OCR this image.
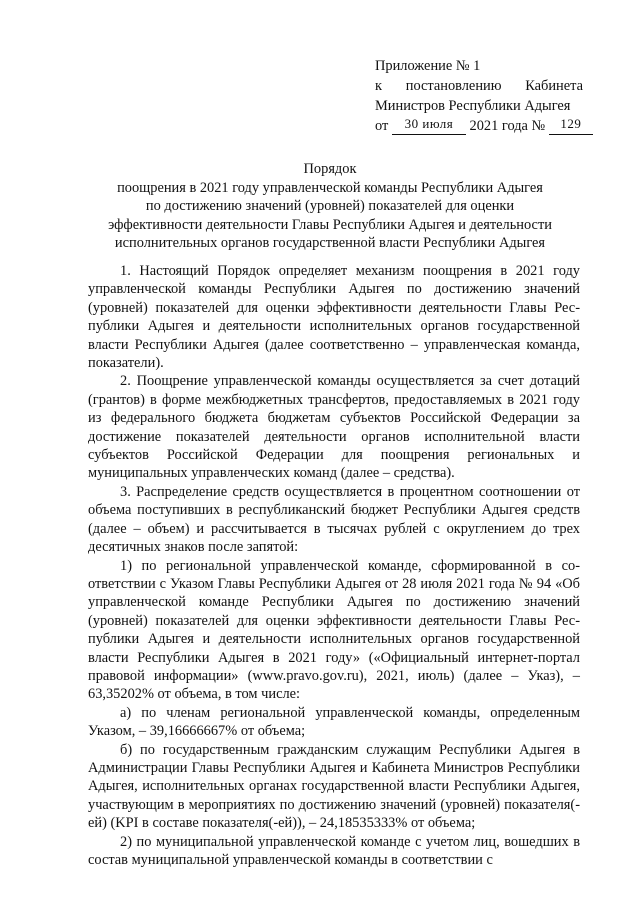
Приложение № 1
к постановлению Кабинета
Министров Республики Адыгея
от 30 июля 2021 года № 129
Порядок
поощрения в 2021 году управленческой команды Республики Адыгея
по достижению значений (уровней) показателей для оценки
эффективности деятельности Главы Республики Адыгея и деятельности
исполнительных органов государственной власти Республики Адыгея

1. Настоящий Порядок определяет механизм поощрения в 2021 году управленческой команды Республики Адыгея по достижению значений (уровней) показателей для оценки эффективности деятельности Главы Республики Адыгея и деятельности исполнительных органов государственной власти Республики Адыгея (далее соответственно – управленческая команда, показатели).

2. Поощрение управленческой команды осуществляется за счет дотаций (грантов) в форме межбюджетных трансфертов, предоставляемых в 2021 году из федерального бюджета бюджетам субъектов Российской Федерации за достижение показателей деятельности органов исполнительной власти субъектов Российской Федерации для поощрения региональных и муниципальных управленческих команд (далее – средства).

3. Распределение средств осуществляется в процентном соотношении от объема поступивших в республиканский бюджет Республики Адыгея средств (далее – объем) и рассчитывается в тысячах рублей с округлением до трех десятичных знаков после запятой:

1) по региональной управленческой команде, сформированной в соответствии с Указом Главы Республики Адыгея от 28 июля 2021 года № 94 «Об управленческой команде Республики Адыгея по достижению значений (уровней) показателей для оценки эффективности деятельности Главы Республики Адыгея и деятельности исполнительных органов государственной власти Республики Адыгея в 2021 году» («Официальный интернет-портал правовой информации» (www.pravo.gov.ru), 2021, июль) (далее – Указ), – 63,35202% от объема, в том числе:

а) по членам региональной управленческой команды, определенным Указом, – 39,16666667% от объема;

б) по государственным гражданским служащим Республики Адыгея в Администрации Главы Республики Адыгея и Кабинета Министров Республики Адыгея, исполнительных органах государственной власти Республики Адыгея, участвующим в мероприятиях по достижению значений (уровней) показателя(-ей) (KPI в составе показателя(-ей)), – 24,18535333% от объема;

2) по муниципальной управленческой команде с учетом лиц, вошедших в состав муниципальной управленческой команды в соответствии с
